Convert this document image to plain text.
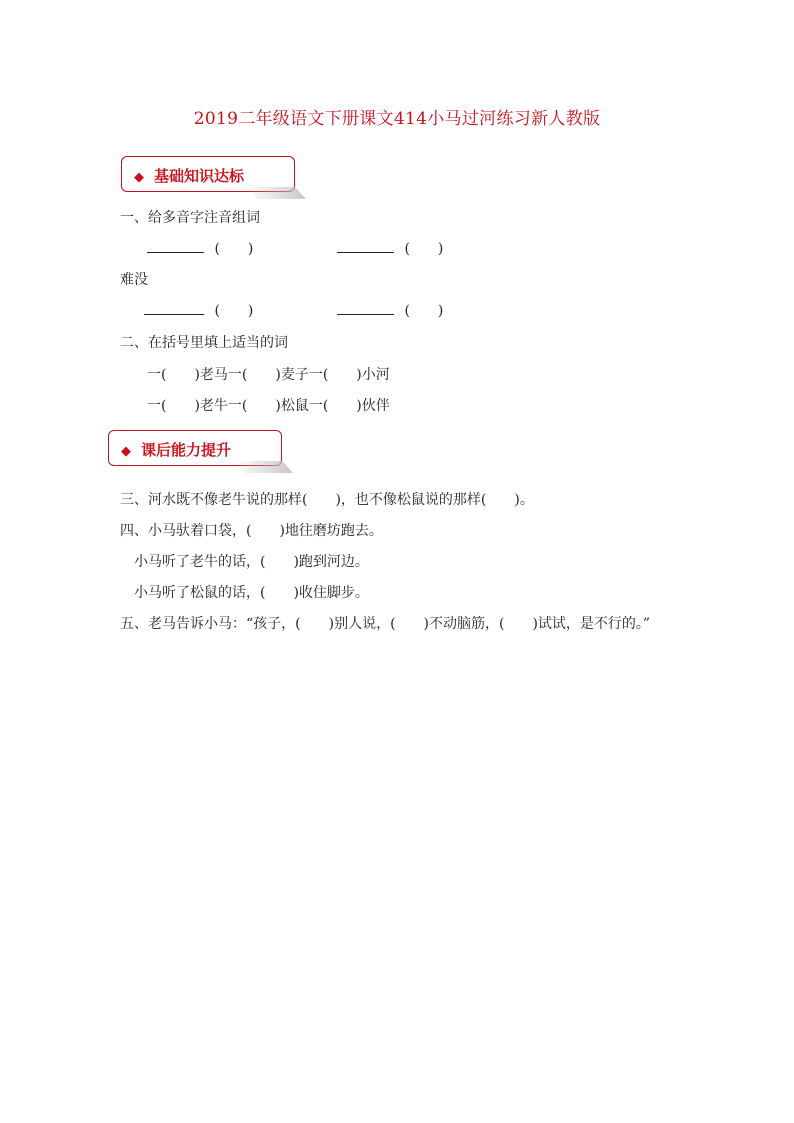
2019二年级语文下册课文414小马过河练习新人教版
◆ 基础知识达标
一、给多音字注音组词
(　　)	(　　)
难没
(　　)	(　　)
二、在括号里填上适当的词
一(　　)老马一(　　)麦子一(　　)小河
一(　　)老牛一(　　)松鼠一(　　)伙伴
◆ 课后能力提升
三、河水既不像老牛说的那样(　　)，也不像松鼠说的那样(　　)。
四、小马驮着口袋，(　　)地往磨坊跑去。
小马听了老牛的话，(　　)跑到河边。
小马听了松鼠的话，(　　)收住脚步。
五、老马告诉小马：“孩子，(　　)别人说，(　　)不动脑筋，(　　)试试，是不行的。”
